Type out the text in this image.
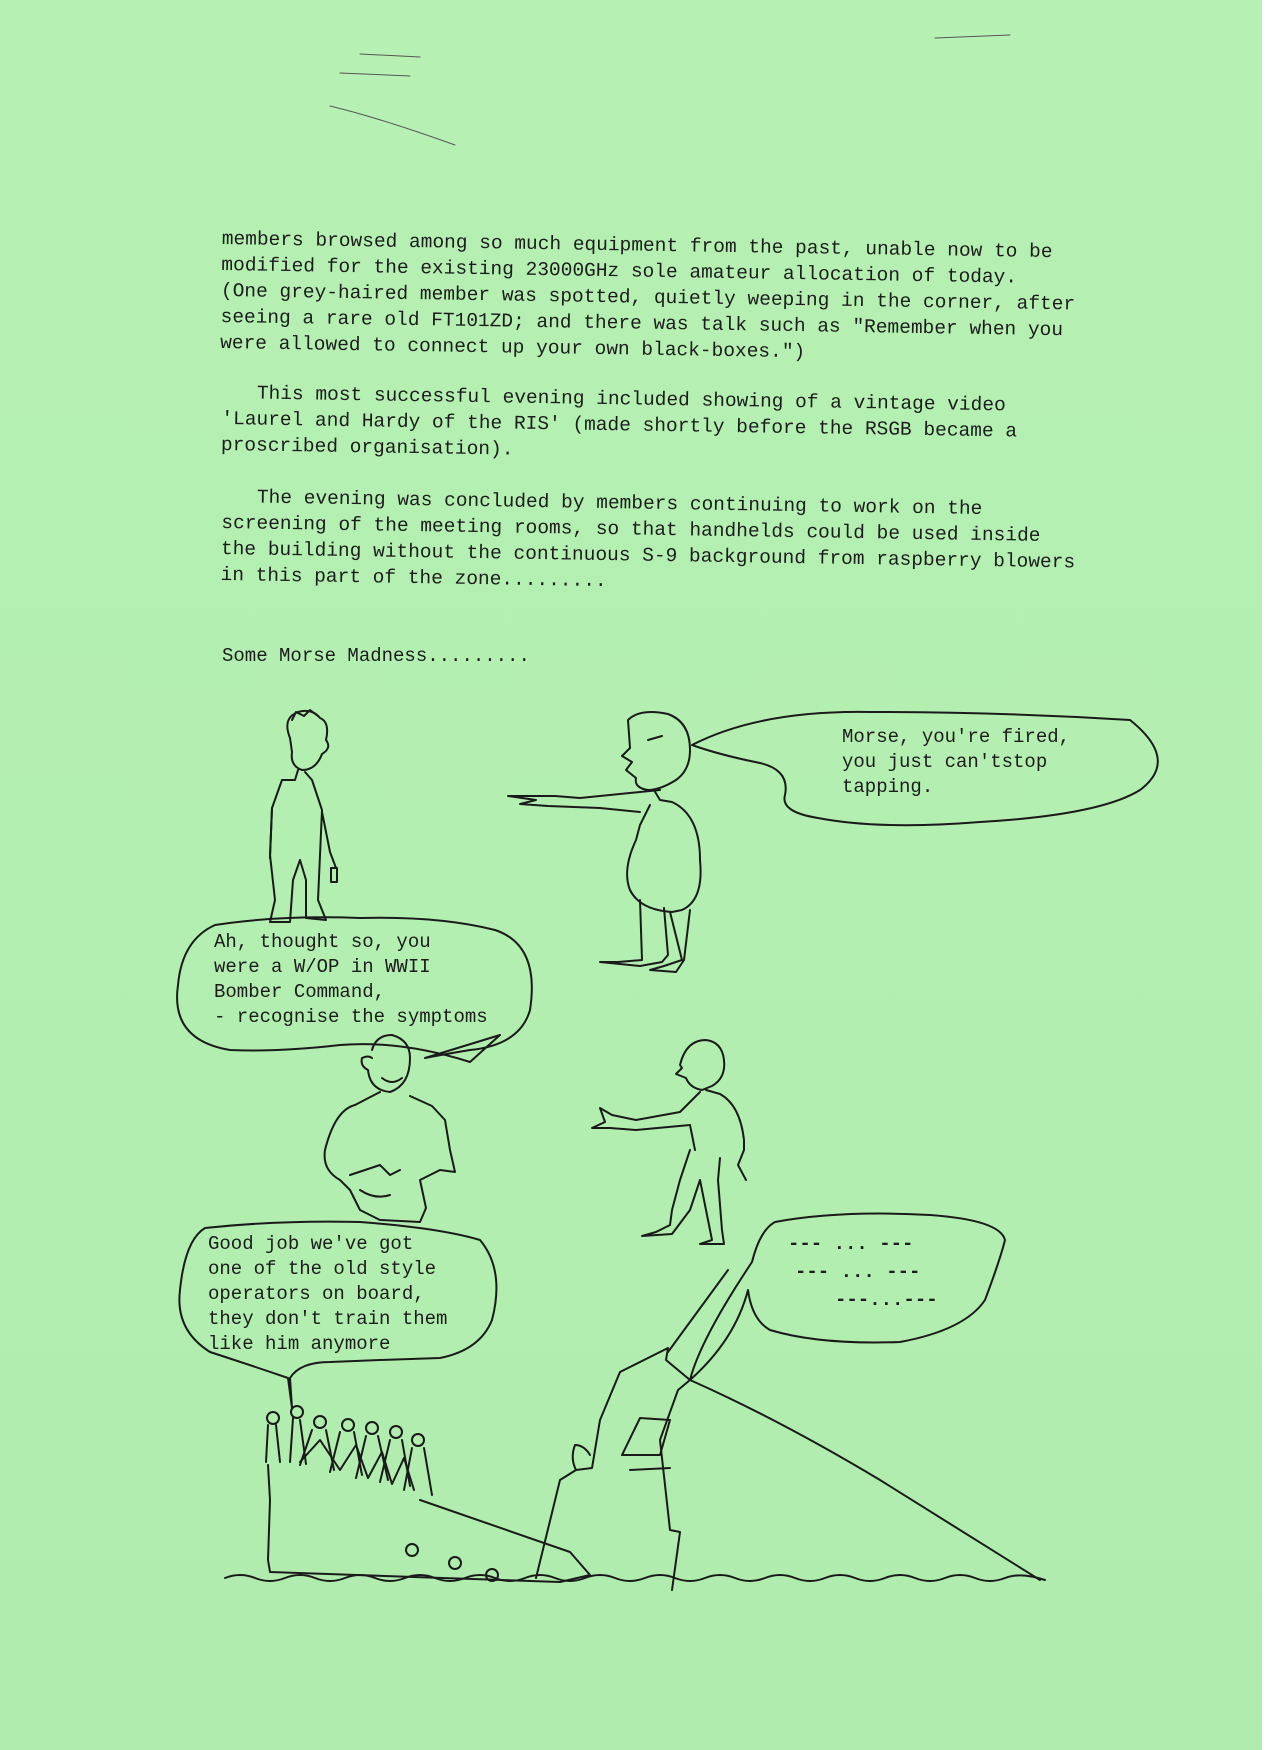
members browsed among so much equipment from the past, unable now to be
modified for the existing 23000GHz sole amateur allocation of today.
(One grey-haired member was spotted, quietly weeping in the corner, after
seeing a rare old FT101ZD; and there was talk such as "Remember when you
were allowed to connect up your own black-boxes.")

This most successful evening included showing of a vintage video
'Laurel and Hardy of the RIS' (made shortly before the RSGB became a
proscribed organisation).

The evening was concluded by members continuing to work on the
screening of the meeting rooms, so that handhelds could be used inside
the building without the continuous S-9 background from raspberry blowers
in this part of the zone.........

Some Morse Madness.........

Morse, you're fired,
you just can'tstop
tapping.

Ah, thought so, you
were a W/OP in WWII
Bomber Command,
- recognise the symptoms

Good job we've got
one of the old style
operators on board,
they don't train them
like him anymore

--- ... ---

--- ... ---

---...---
